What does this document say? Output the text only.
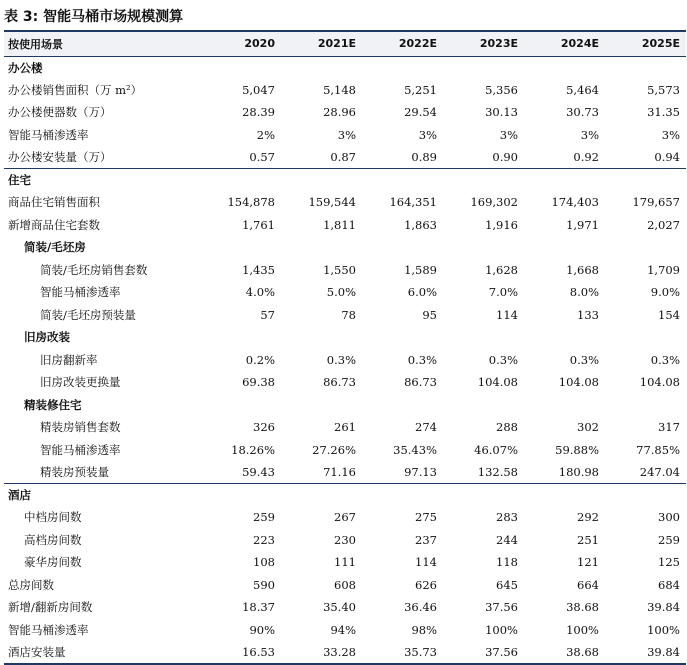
表 3: 智能马桶市场规模测算
按使用场景	2020	2021E	2022E	2023E	2024E	2025E
办公楼						
办公楼销售面积（万 m²）	5,047	5,148	5,251	5,356	5,464	5,573
办公楼便器数（万）	28.39	28.96	29.54	30.13	30.73	31.35
智能马桶渗透率	2%	3%	3%	3%	3%	3%
办公楼安装量（万）	0.57	0.87	0.89	0.90	0.92	0.94
住宅						
商品住宅销售面积	154,878	159,544	164,351	169,302	174,403	179,657
新增商品住宅套数	1,761	1,811	1,863	1,916	1,971	2,027
简装/毛坯房						
简装/毛坯房销售套数	1,435	1,550	1,589	1,628	1,668	1,709
智能马桶渗透率	4.0%	5.0%	6.0%	7.0%	8.0%	9.0%
简装/毛坯房预装量	57	78	95	114	133	154
旧房改装						
旧房翻新率	0.2%	0.3%	0.3%	0.3%	0.3%	0.3%
旧房改装更换量	69.38	86.73	86.73	104.08	104.08	104.08
精装修住宅						
精装房销售套数	326	261	274	288	302	317
智能马桶渗透率	18.26%	27.26%	35.43%	46.07%	59.88%	77.85%
精装房预装量	59.43	71.16	97.13	132.58	180.98	247.04
酒店						
中档房间数	259	267	275	283	292	300
高档房间数	223	230	237	244	251	259
豪华房间数	108	111	114	118	121	125
总房间数	590	608	626	645	664	684
新增/翻新房间数	18.37	35.40	36.46	37.56	38.68	39.84
智能马桶渗透率	90%	94%	98%	100%	100%	100%
酒店安装量	16.53	33.28	35.73	37.56	38.68	39.84
